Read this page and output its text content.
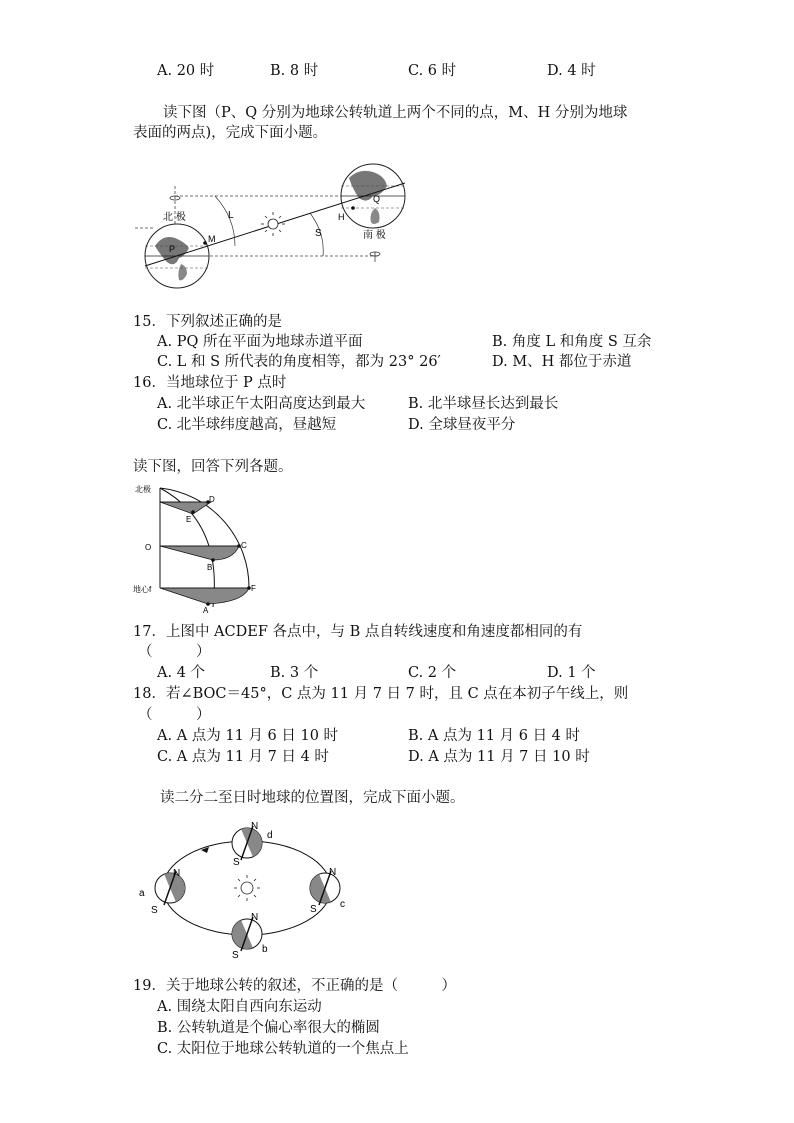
A. 20 时	B. 8 时	C. 6 时	D. 4 时
读下图（P、Q 分别为地球公转轨道上两个不同的点，M、H 分别为地球
表面的两点)，完成下面小题。
北 极
南 极
L
S
M
P
H
Q
15．下列叙述正确的是
A. PQ 所在平面为地球赤道平面	B. 角度 L 和角度 S 互余
C. L 和 S 所代表的角度相等，都为 23° 26′	D. M、H 都位于赤道
16．当地球位于 P 点时
A. 北半球正午太阳高度达到最大	B. 北半球昼长达到最长
C. 北半球纬度越高，昼越短	D. 全球昼夜平分
读下图，回答下列各题。
北极
O
地心f
D
E
C
B
F
A
17．上图中 ACDEF 各点中，与 B 点自转线速度和角速度都相同的有
（　　　）
A. 4 个	B. 3 个	C. 2 个	D. 1 个
18．若∠BOC＝45°，C 点为 11 月 7 日 7 时，且 C 点在本初子午线上，则
（　　　）
A. A 点为 11 月 6 日 10 时	B. A 点为 11 月 6 日 4 时
C. A 点为 11 月 7 日 4 时	D. A 点为 11 月 7 日 10 时
读二分二至日时地球的位置图，完成下面小题。
N
S
d
N
S
a
N
S c
N
S
b
19．关于地球公转的叙述，不正确的是（　　　）
A. 围绕太阳自西向东运动
B. 公转轨道是个偏心率很大的椭圆
C. 太阳位于地球公转轨道的一个焦点上
